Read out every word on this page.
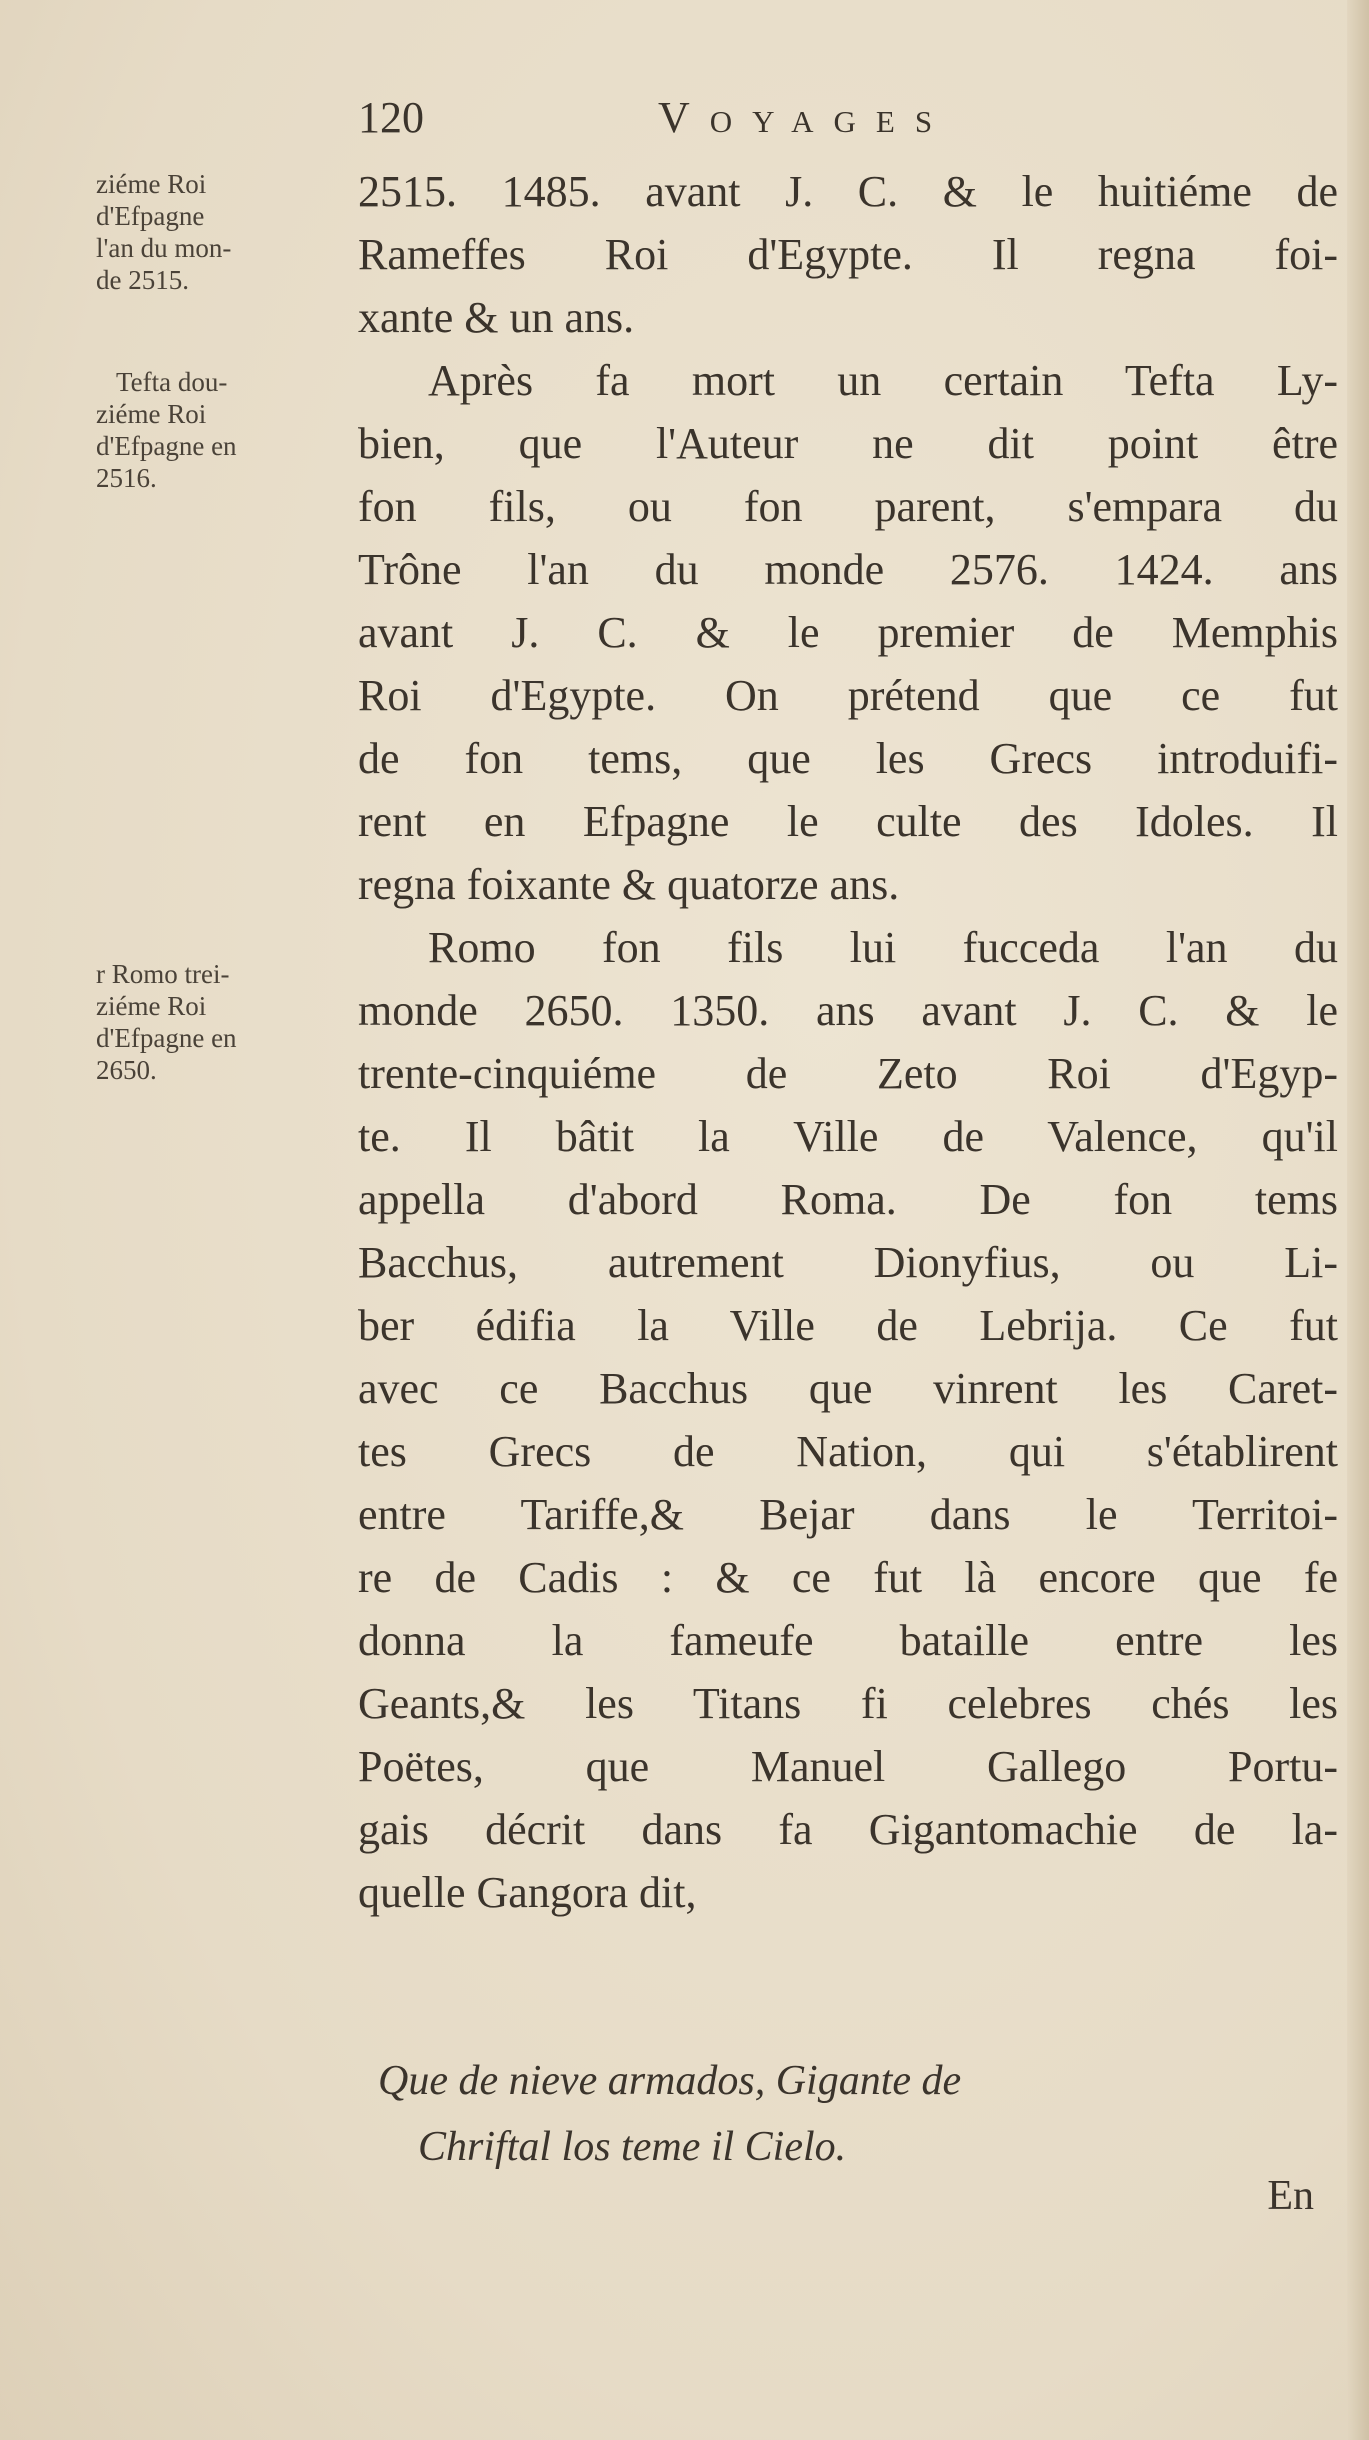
120	Voyages
ziéme Roi
d'Efpagne
l'an du mon-
de 2515.
Tefta dou-
ziéme Roi
d'Efpagne en
2516.
r Romo trei-
ziéme Roi
d'Efpagne en
2650.
2515. 1485. avant J. C. & le huitiéme de
Rameffes Roi d'Egypte. Il regna foi-
xante & un ans.
Après fa mort un certain Tefta Ly-
bien, que l'Auteur ne dit point être
fon fils, ou fon parent, s'empara du
Trône l'an du monde 2576. 1424. ans
avant J. C. & le premier de Memphis
Roi d'Egypte. On prétend que ce fut
de fon tems, que les Grecs introduifi-
rent en Efpagne le culte des Idoles. Il
regna foixante & quatorze ans.
Romo fon fils lui fucceda l'an du
monde 2650. 1350. ans avant J. C. & le
trente-cinquiéme de Zeto Roi d'Egyp-
te. Il bâtit la Ville de Valence, qu'il
appella d'abord Roma. De fon tems
Bacchus, autrement Dionyfius, ou Li-
ber édifia la Ville de Lebrija. Ce fut
avec ce Bacchus que vinrent les Caret-
tes Grecs de Nation, qui s'établirent
entre Tariffe,& Bejar dans le Territoi-
re de Cadis : & ce fut là encore que fe
donna la fameufe bataille entre les
Geants,& les Titans fi celebres chés les
Poëtes, que Manuel Gallego Portu-
gais décrit dans fa Gigantomachie de la-
quelle Gangora dit,
Que de nieve armados, Gigante de
Chriftal los teme il Cielo.
En
